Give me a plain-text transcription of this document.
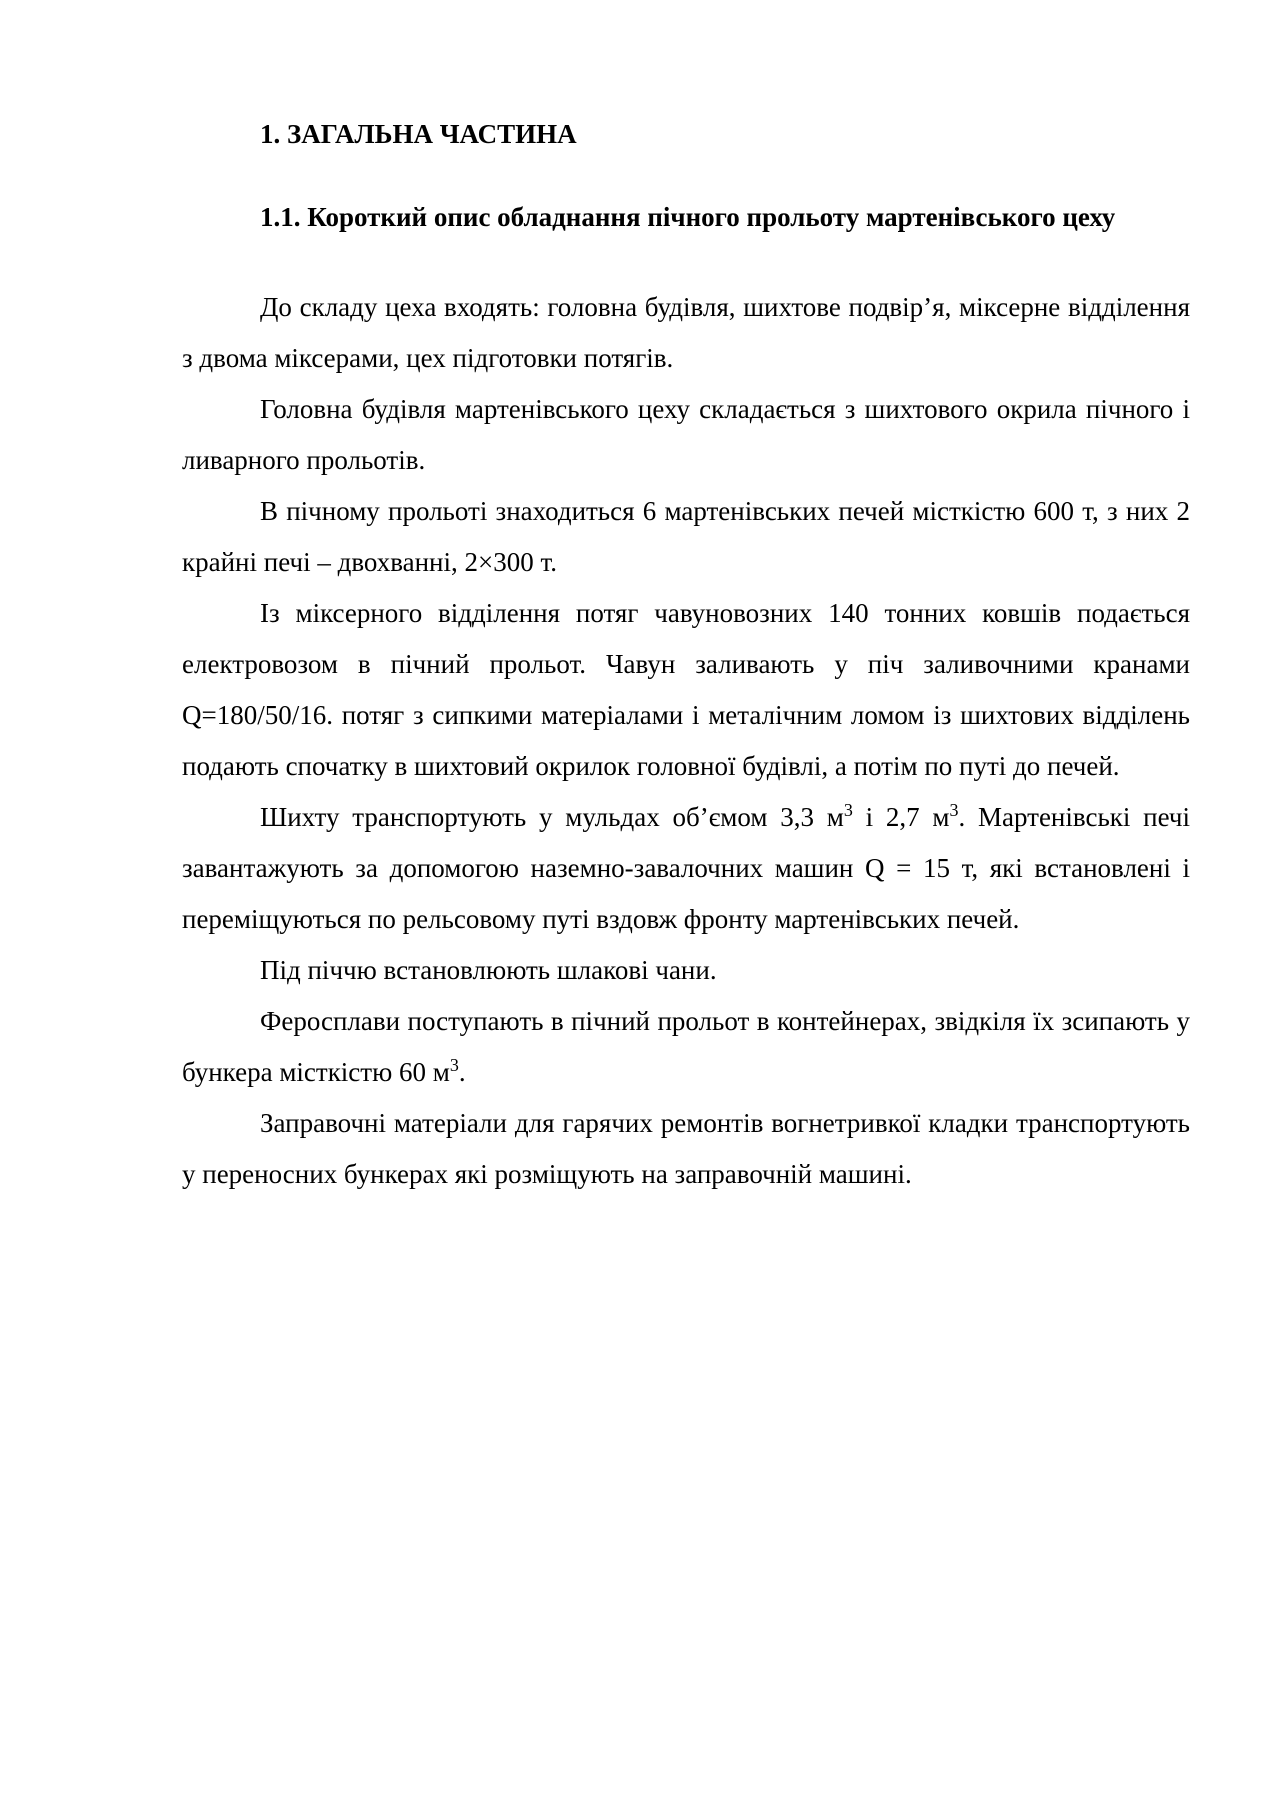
1. ЗАГАЛЬНА ЧАСТИНА
1.1. Короткий опис обладнання пічного прольоту мартенівського цеху

До складу цеха входять: головна будівля, шихтове подвір’я, міксерне відділення з двома міксерами, цех підготовки потягів.

Головна будівля мартенівського цеху складається з шихтового окрила пічного і ливарного прольотів.

В пічному прольоті знаходиться 6 мартенівських печей місткістю 600 т, з них 2 крайні печі – двохванні, 2×300 т.

Із міксерного відділення потяг чавуновозних 140 тонних ковшів подається електровозом в пічний прольот. Чавун заливають у піч заливочними кранами Q=180/50/16. потяг з сипкими матеріалами і металічним ломом із шихтових відділень подають спочатку в шихтовий окрилок головної будівлі, а потім по путі до печей.

Шихту транспортують у мульдах об’ємом 3,3 $м^3$ і 2,7 $м^3$. Мартенівські печі завантажують за допомогою наземно-завалочних машин Q = 15 т, які встановлені і переміщуються по рельсовому путі вздовж фронту мартенівських печей.

Під піччю встановлюють шлакові чани.

Феросплави поступають в пічний прольот в контейнерах, звідкіля їх зсипають у бункера місткістю 60 $м^3$.

Заправочні матеріали для гарячих ремонтів вогнетривкої кладки транспортують у переносних бункерах які розміщують на заправочній машині.
